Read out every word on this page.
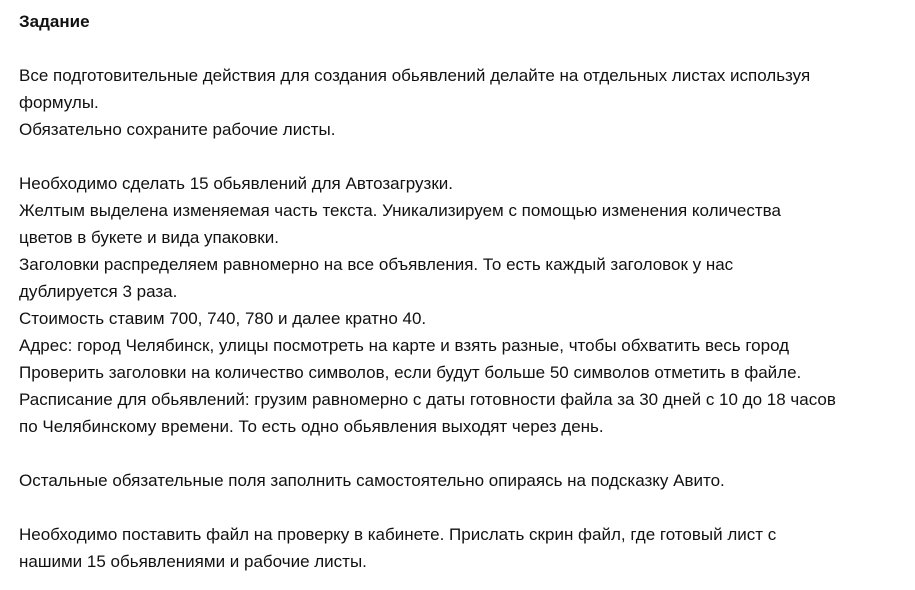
Задание
Все подготовительные действия для создания обьявлений делайте на отдельных листах используя
формулы.
Обязательно сохраните рабочие листы.
Необходимо сделать 15 обьявлений для Автозагрузки.
Желтым выделена изменяемая часть текста. Уникализируем с помощью изменения количества
цветов в букете и вида упаковки.
Заголовки распределяем равномерно на все объявления. То есть каждый заголовок у нас
дублируется 3 раза.
Стоимость ставим 700, 740, 780 и далее кратно 40.
Адрес: город Челябинск, улицы посмотреть на карте и взять разные, чтобы обхватить весь город
Проверить заголовки на количество символов, если будут больше 50 символов отметить в файле.
Расписание для обьявлений: грузим равномерно с даты готовности файла за 30 дней с 10 до 18 часов
по Челябинскому времени. То есть одно обьявления выходят через день.
Остальные обязательные поля заполнить самостоятельно опираясь на подсказку Авито.
Необходимо поставить файл на проверку в кабинете. Прислать скрин файл, где готовый лист с
нашими 15 обьявлениями и рабочие листы.
